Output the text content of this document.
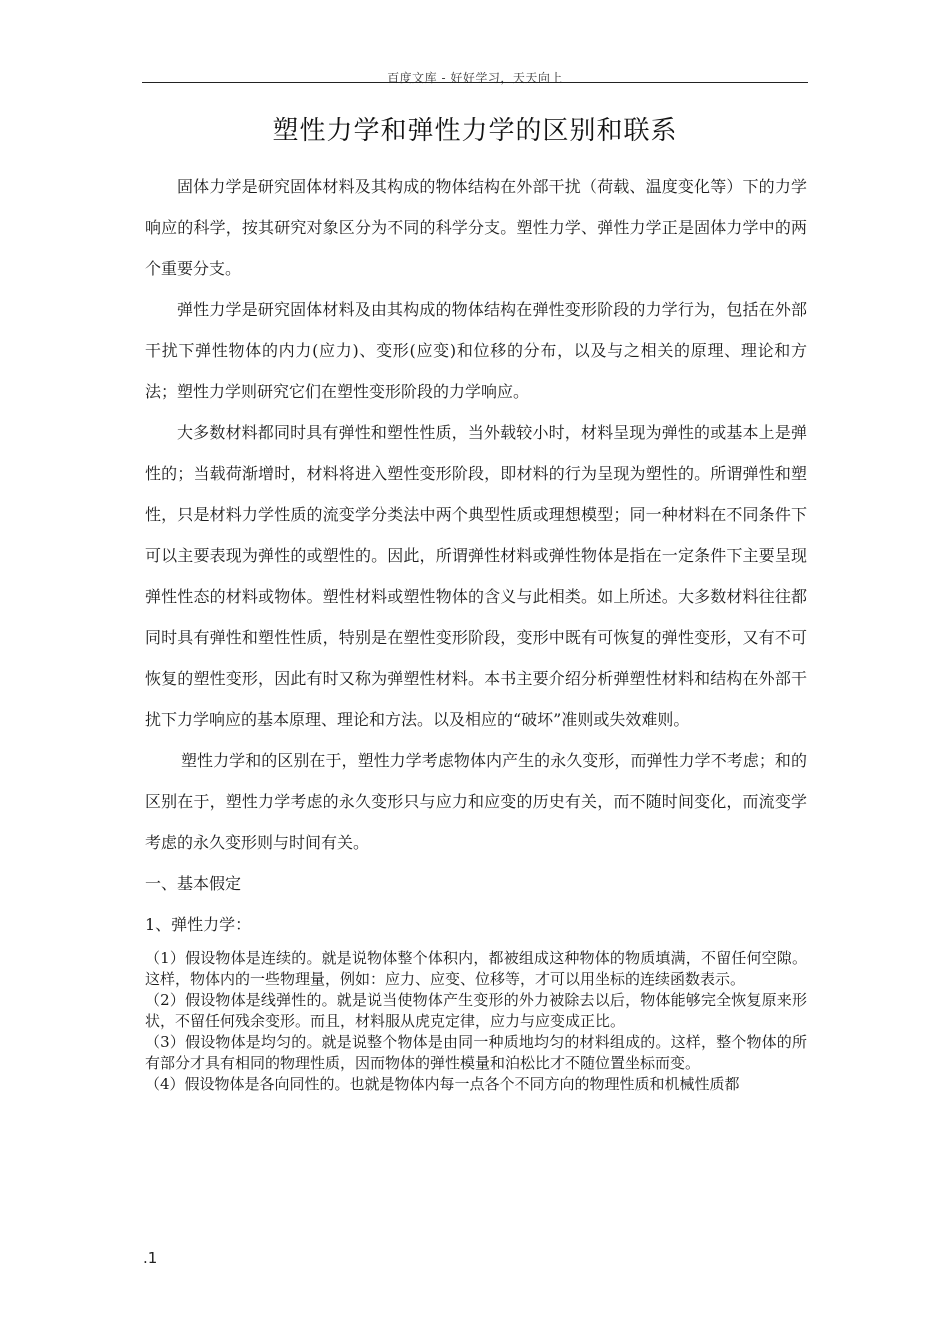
百度文库 - 好好学习，天天向上
塑性力学和弹性力学的区别和联系

固体力学是研究固体材料及其构成的物体结构在外部干扰（荷载、温度变化等）下的力学响应的科学，按其研究对象区分为不同的科学分支。塑性力学、弹性力学正是固体力学中的两个重要分支。

弹性力学是研究固体材料及由其构成的物体结构在弹性变形阶段的力学行为，包括在外部干扰下弹性物体的内力(应力)、变形(应变)和位移的分布，以及与之相关的原理、理论和方法；塑性力学则研究它们在塑性变形阶段的力学响应。

大多数材料都同时具有弹性和塑性性质，当外载较小时，材料呈现为弹性的或基本上是弹性的；当载荷渐增时，材料将进入塑性变形阶段，即材料的行为呈现为塑性的。所谓弹性和塑性，只是材料力学性质的流变学分类法中两个典型性质或理想模型；同一种材料在不同条件下可以主要表现为弹性的或塑性的。因此，所谓弹性材料或弹性物体是指在一定条件下主要呈现弹性性态的材料或物体。塑性材料或塑性物体的含义与此相类。如上所述。大多数材料往往都同时具有弹性和塑性性质，特别是在塑性变形阶段，变形中既有可恢复的弹性变形，又有不可恢复的塑性变形，因此有时又称为弹塑性材料。本书主要介绍分析弹塑性材料和结构在外部干扰下力学响应的基本原理、理论和方法。以及相应的“破坏”准则或失效难则。

塑性力学和的区别在于，塑性力学考虑物体内产生的永久变形，而弹性力学不考虑；和的区别在于，塑性力学考虑的永久变形只与应力和应变的历史有关，而不随时间变化，而流变学考虑的永久变形则与时间有关。

一、基本假定

1、弹性力学：

（1）假设物体是连续的。就是说物体整个体积内，都被组成这种物体的物质填满，不留任何空隙。这样，物体内的一些物理量，例如：应力、应变、位移等，才可以用坐标的连续函数表示。

（2）假设物体是线弹性的。就是说当使物体产生变形的外力被除去以后，物体能够完全恢复原来形状，不留任何残余变形。而且，材料服从虎克定律，应力与应变成正比。

（3）假设物体是均匀的。就是说整个物体是由同一种质地均匀的材料组成的。这样，整个物体的所有部分才具有相同的物理性质，因而物体的弹性模量和泊松比才不随位置坐标而变。

（4）假设物体是各向同性的。也就是物体内每一点各个不同方向的物理性质和机械性质都

.1
